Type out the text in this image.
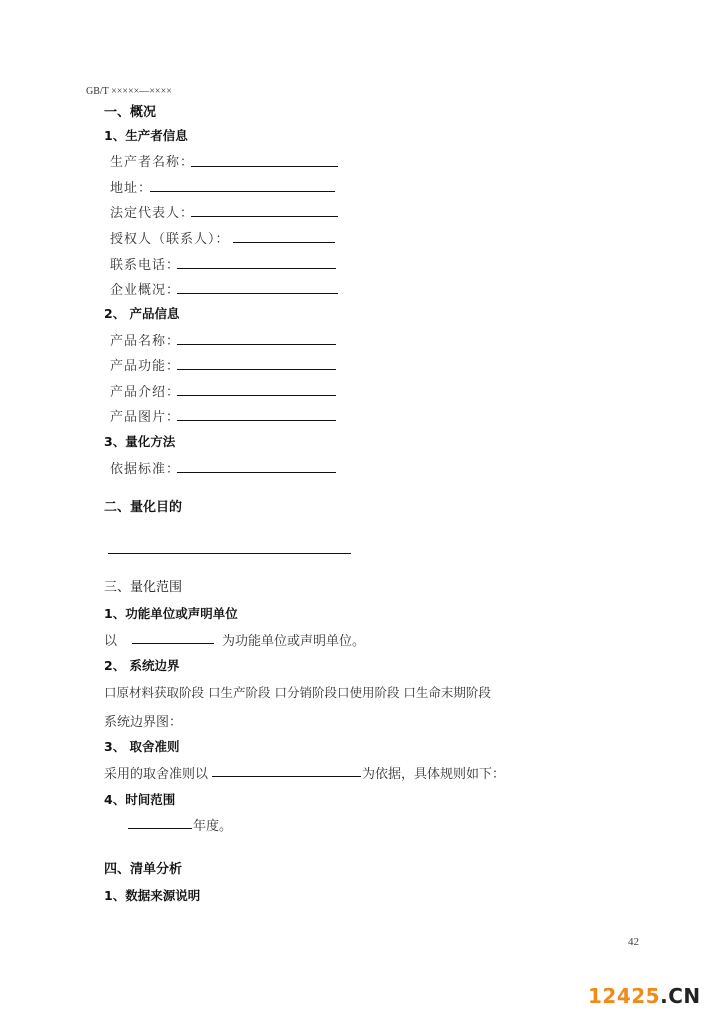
GB/T ×××××—××××
一、概况
1、生产者信息
生产者名称：
地址：
法定代表人：
授权人（联系人）：
联系电话：
企业概况：
2、 产品信息
产品名称：
产品功能：
产品介绍：
产品图片：
3、量化方法
依据标准：
二、量化目的
三、量化范围
1、功能单位或声明单位
以	为功能单位或声明单位。
2、 系统边界
口原材料获取阶段 口生产阶段 口分销阶段口使用阶段 口生命末期阶段
系统边界图：
3、 取舍准则
采用的取舍准则以	为依据，具体规则如下：
4、时间范围
年度。
四、清单分析
1、数据来源说明
42
12425.CN
